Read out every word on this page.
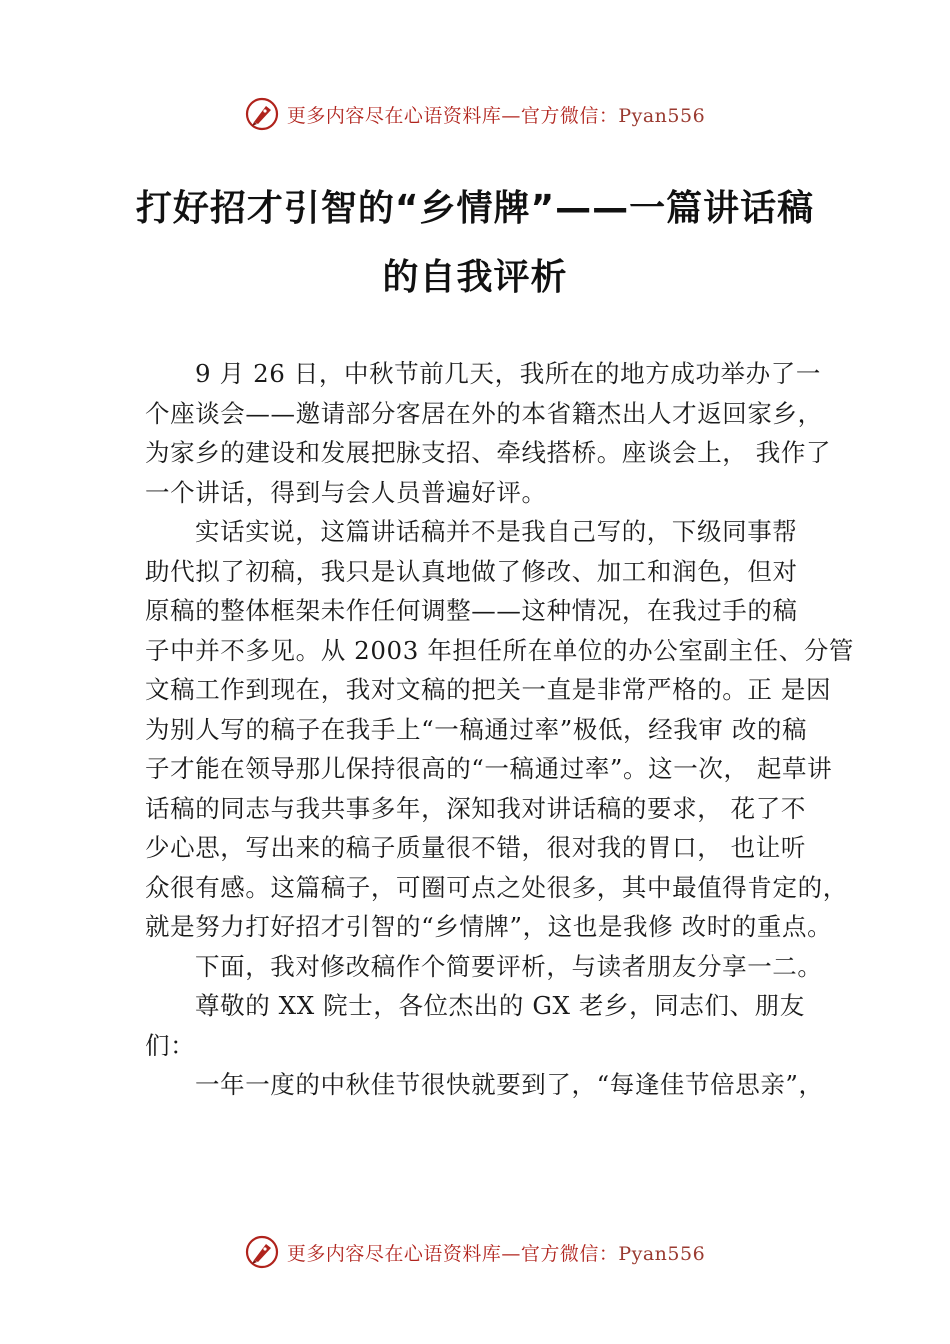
更多内容尽在心语资料库—官方微信：Pyan556
打好招才引智的“乡情牌”——一篇讲话稿
的自我评析
9 月 26 日，中秋节前几天，我所在的地方成功举办了一
个座谈会——邀请部分客居在外的本省籍杰出人才返回家乡，
为家乡的建设和发展把脉支招、牵线搭桥。座谈会上， 我作了
一个讲话，得到与会人员普遍好评。
实话实说，这篇讲话稿并不是我自己写的，下级同事帮
助代拟了初稿，我只是认真地做了修改、加工和润色，但对
原稿的整体框架未作任何调整——这种情况，在我过手的稿
子中并不多见。从 2003 年担任所在单位的办公室副主任、分管
文稿工作到现在，我对文稿的把关一直是非常严格的。正 是因
为别人写的稿子在我手上“一稿通过率”极低，经我审 改的稿
子才能在领导那儿保持很高的“一稿通过率”。这一次， 起草讲
话稿的同志与我共事多年，深知我对讲话稿的要求， 花了不
少心思，写出来的稿子质量很不错，很对我的胃口， 也让听
众很有感。这篇稿子，可圈可点之处很多，其中最值得肯定的，
就是努力打好招才引智的“乡情牌”，这也是我修 改时的重点。
下面，我对修改稿作个简要评析，与读者朋友分享一二。
尊敬的 XX 院士，各位杰出的 GX 老乡，同志们、朋友
们：
一年一度的中秋佳节很快就要到了，“每逢佳节倍思亲”，
更多内容尽在心语资料库—官方微信：Pyan556
